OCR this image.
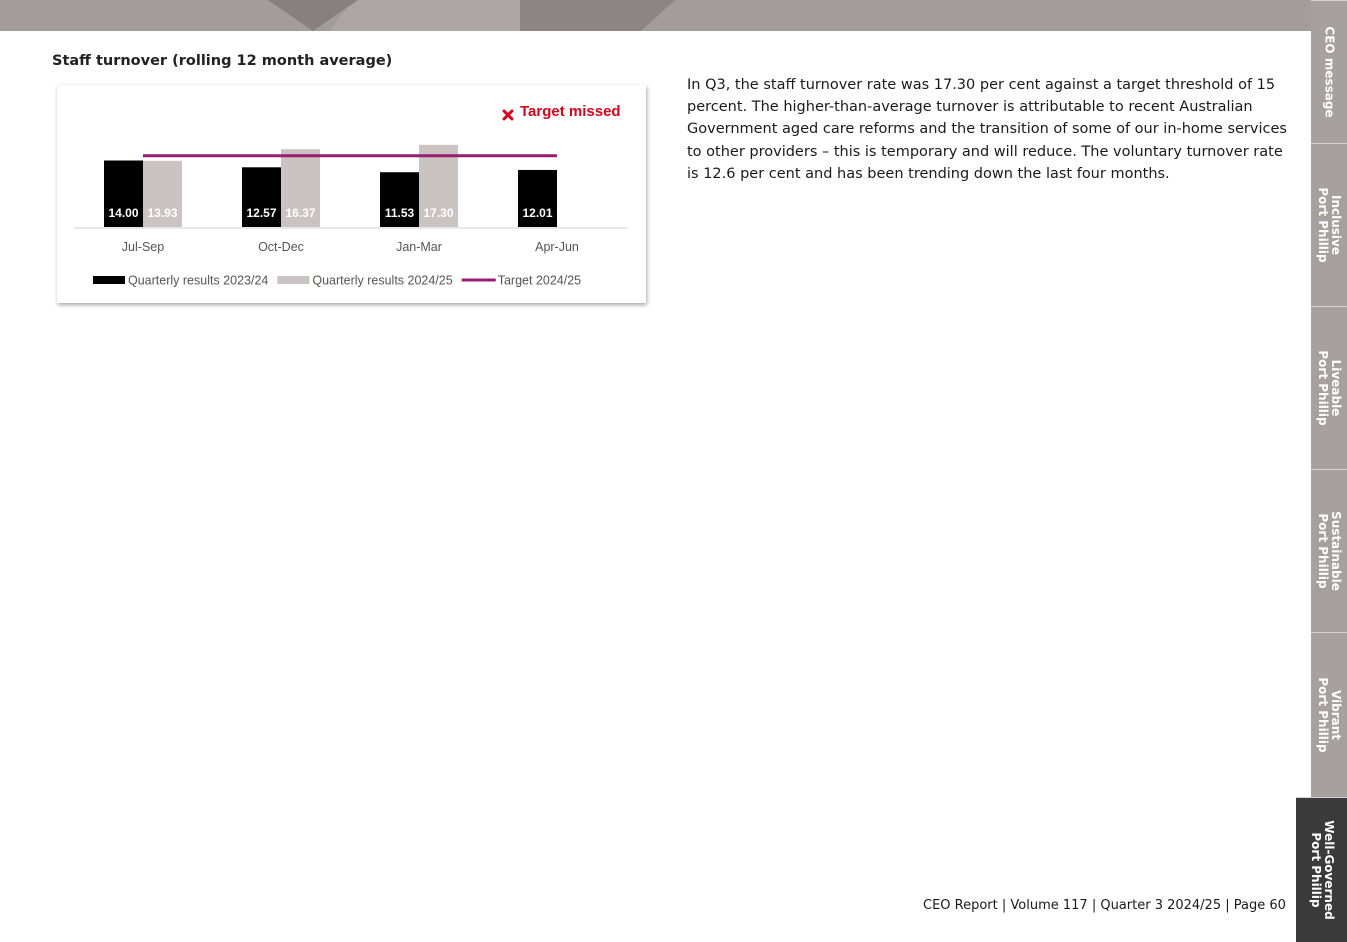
Staff turnover (rolling 12 month average)
14.00 13.93
Jul-Sep
12.57 16.37
Oct-Dec
11.53 17.30
Jan-Mar
12.01
Apr-Jun
Target missed
Quarterly results 2023/24	Quarterly results 2024/25	Target 2024/25
In Q3, the staff turnover rate was 17.30 per cent against a target threshold of 15 percent. The higher-than-average turnover is attributable to recent Australian Government aged care reforms and the transition of some of our in-home services to other providers – this is temporary and will reduce. The voluntary turnover rate is 12.6 per cent and has been trending down the last four months.
CEO message
Inclusive
Port Phillip
Liveable
Port Phillip
Sustainable
Port Phillip
Vibrant
Port Phillip
Well-Governed
Port Phillip
CEO Report | Volume 117 | Quarter 3 2024/25 | Page 60
